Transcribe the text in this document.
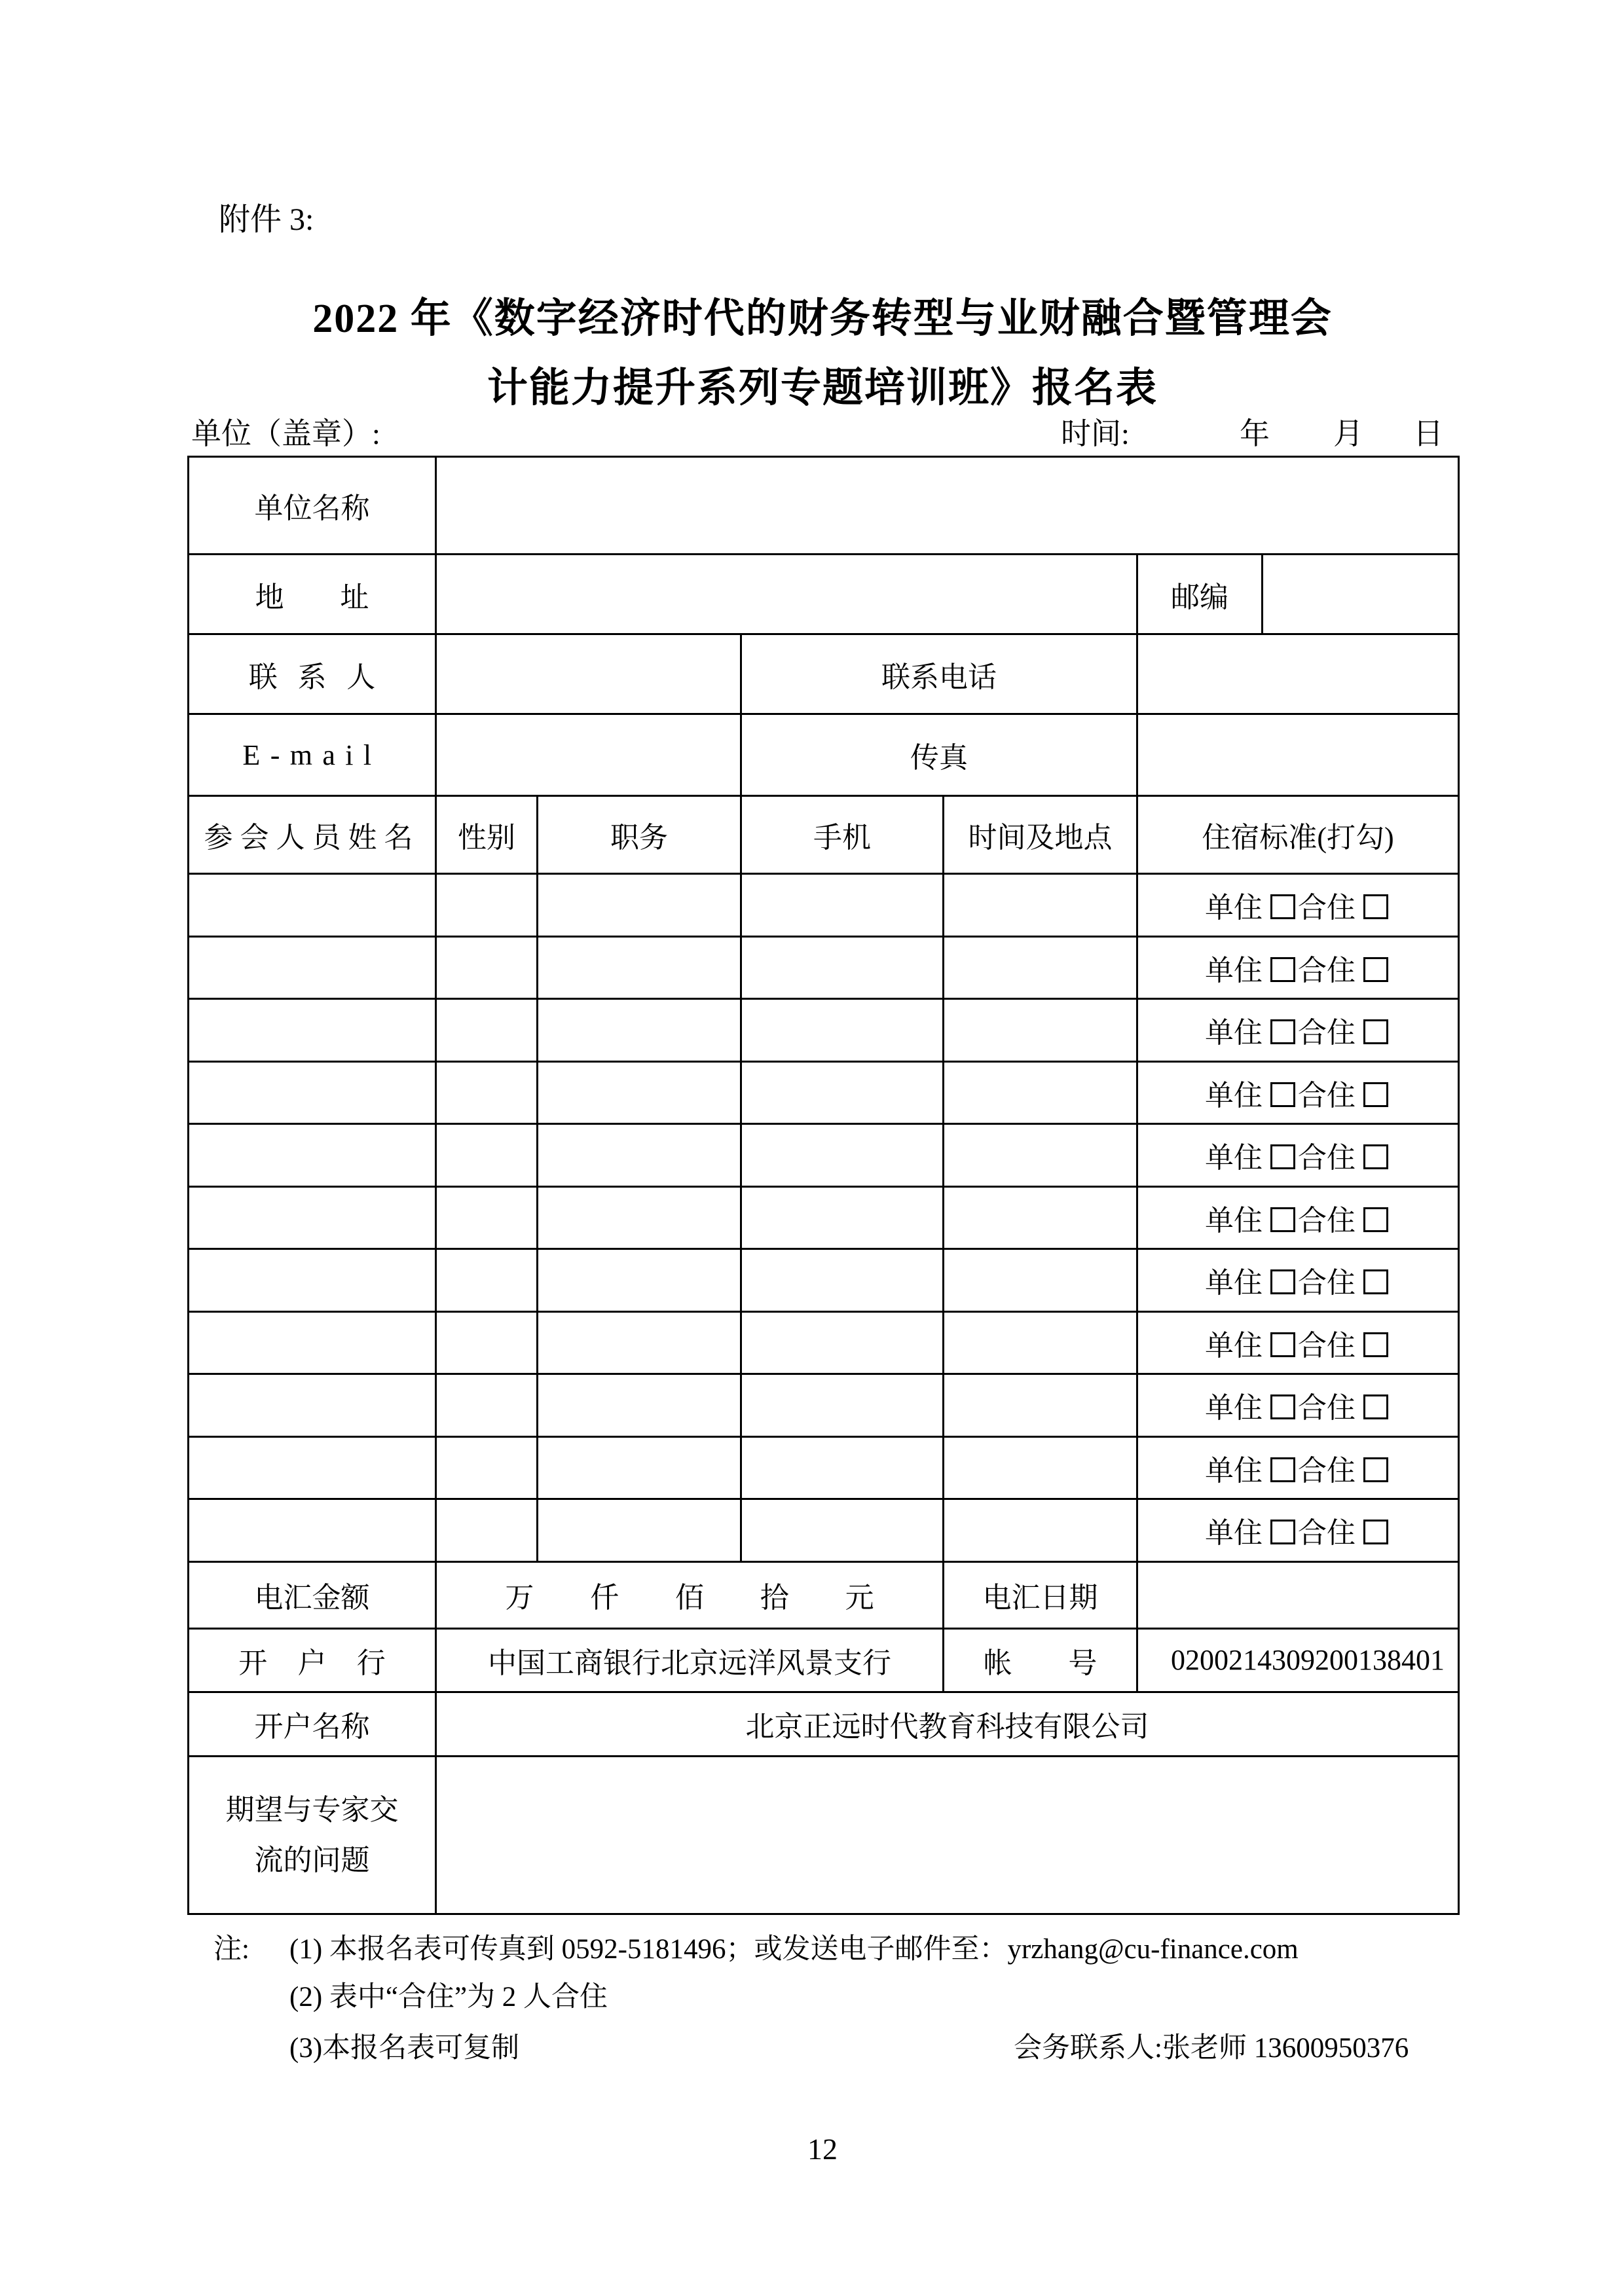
附件 3:
2022 年《数字经济时代的财务转型与业财融合暨管理会
计能力提升系列专题培训班》报名表
单位（盖章）:	时间:	年 月 日
单位名称						
地 址					邮编	
联 系 人			联系电话			
E-mail			传真			
参会人员姓名	性别	职务	手机	时间及地点	住宿标准(打勾)	
					单住 合住	
					单住 合住	
					单住 合住	
					单住 合住	
					单住 合住	
					单住 合住	
					单住 合住	
					单住 合住	
					单住 合住	
					单住 合住	
					单住 合住	
电汇金额	万 仟 佰 拾 元			电汇日期		
开 户 行	中国工商银行北京远洋风景支行			帐 号	0200214309200138401	
开户名称	北京正远时代教育科技有限公司					
期望与专家交流的问题						
注: (1) 本报名表可传真到 0592-5181496；或发送电子邮件至：yrzhang@cu-finance.com
(2) 表中“合住”为 2 人合住
(3)本报名表可复制	会务联系人:张老师 13600950376
12
